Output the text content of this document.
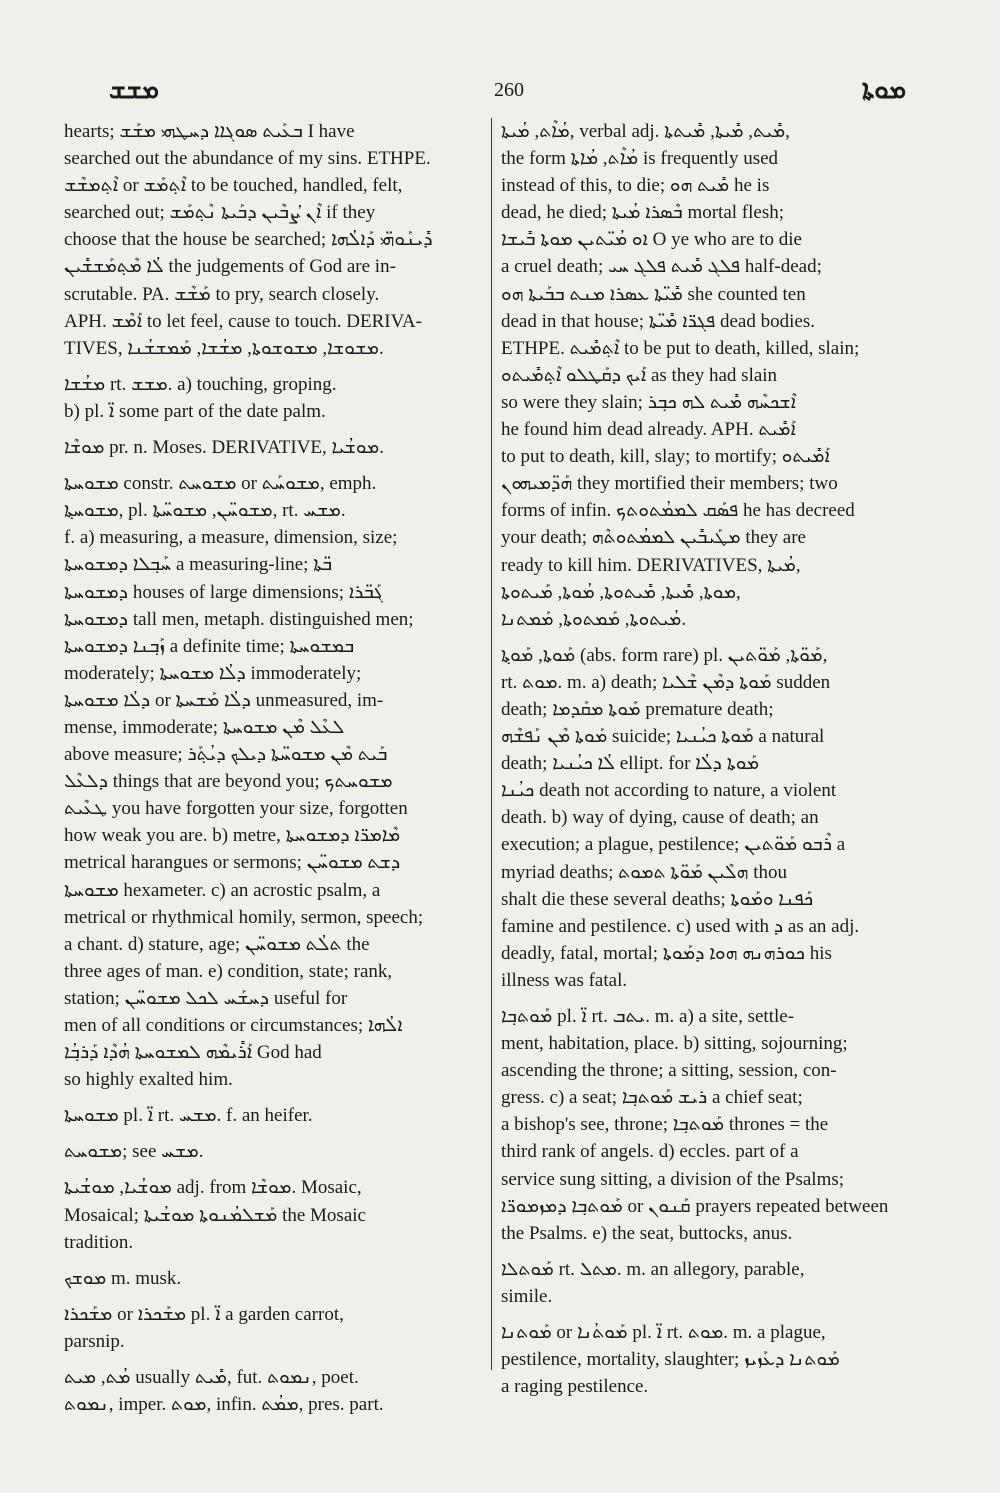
ܡܫܫ	260	ܡܘܬܐ
hearts; ܒܥܰܝܬ ܣܘܓܐܐ ܕܚܛܗܝ ܡܫܰܫ I have
searched out the abundance of my sins. ETHPE.
ܐܶܬ݂ܡܫܶܫ or ܐܶܬ݂ܡܰܫ to be touched, handled, felt,
searched out; ܐܶܢ ܨܳܒܶܝܢ ܕܒܰܝܬܐ ܢܶܬ݂ܡܰܫ if they
choose that the house be searched; ܕܺܝܢܰܘܗ̈ܝ ܕܰܐܠܳܗܐ
ܠܳܐ ܡܶܬ݂ܡܰܫܫܺܝܢ the judgements of God are in-
scrutable. PA. ܡܰܫܶܫ to pry, search closely.
APH. ܐܰܡܶܫ to let feel, cause to touch. DERIVA-
TIVES, ܡܫܘܫܐ, ܡܫܘܫܘܬܐ, ܡܫܳܫܐ, ܡܰܡܫܫܳܢܐ.
ܡܫܳܫܐ rt. ܡܫܫ. a) touching, groping.
b) pl. ܐ̈ some part of the date palm.
ܡܘܫܶܐ pr. n. Moses. DERIVATIVE, ܡܘܫܳܝܐ.
ܡܫܘܚܬܐ constr. ܡܫܘܚܬ or ܡܫܘܚܰܬ, emph.
ܡܫܘܚܬ݂ܐ, pl. ܡܫܘܚ̈ܢ, ܡܫܘܚ̈ܬܐ, rt. ܡܫܚ.
f. a) measuring, a measure, dimension, size;
ܚܰܒ݂ܠܐ ܕܡܫܘܚܬܐ a measuring-line; ܒ̈ܬܐ
ܕܡܫܘܚܬܐ houses of large dimensions; ܓܰܒ̈ܪܐ
ܕܡܫܘܚܬܐ tall men, metaph. distinguished men;
ܙܰܒ݂ܢܐ ܕܡܫܘܚܬܐ a definite time; ܒܡܫܘܚܬܐ
moderately; ܕܠܳܐ ܡܫܘܚܬܐ immoderately;
ܕܠܳܐ ܡܫܘܚܬܐ or ܕܠܳܐ ܡܰܫܚܬܐ unmeasured, im-
mense, immoderate; ܠܥܶܠ ܡܶܢ ܡܫܘܚܬܐ
above measure; ܒܰܝܬ ܡܶܢ ܡܫܘܚ̈ܬܐ ܕܝܠܟ ܕܝܳܬ݂ܰܪ
ܕܠܥܶܠ things that are beyond you; ܡܫܘܚܬܟ
ܛܥܶܝܬ you have forgotten your size, forgotten
how weak you are. b) metre, ܡܶܐܡܪ̈ܐ ܕܡܫܘܚܬܐ
metrical harangues or sermons; ܕܫܬ ܡܫܘܚ̈ܢ
ܡܫܘܚܬܐ hexameter. c) an acrostic psalm, a
metrical or rhythmical homily, sermon, speech;
a chant. d) stature, age; ܬܠܳܬ ܡܫܘܚ̈ܢ the
three ages of man. e) condition, state; rank,
station; ܕܚܫܰܚ ܠܟܠ ܡܫܘܚ̈ܢ useful for
men of all conditions or circumstances; ܐܠܳܗܐ
ܐܰܪܺܝܡܶܗ ܠܡܫܘܚܬܐ ܗܳܕܶܐ ܕܰܪܒ݂ܳܐ God had
so highly exalted him.
ܡܫܘܚܬܐ pl. ܐ̈ rt. ܡܫܚ. f. an heifer.
ܡܫܘܚܬ; see ܡܫܚ.
ܡܘܫܳܝܐ, ܡܘܫܳܝܬܐ adj. from ܡܘܫܶܐ. Mosaic,
Mosaical; ܡܰܫܠܡܳܢܘܬܐ ܡܘܫܳܝܬܐ the Mosaic
tradition.
ܡܘܫܟ m. musk.
ܡܫܰܟܪܐ or ܡܫܰܟܪܐ pl. ܐ̈ a garden carrot,
parsnip.
ܡܳܬ, ܡܝܬ usually ܡܺܝܬ, fut. ܢܡܘܬ, poet.
ܢܡܘܬ, imper. ܡܘܬ, infin. ܡܡܳܬ, pres. part.
ܡܳܐܶܬ, ܡܳܝܬܐ, verbal adj. ܡܺܝܬ, ܡܺܝܬܐ, ܡܺܝܬܬܐ,
the form ܡܳܐܶܬ, ܡܳܐܬܐ is frequently used
instead of this, to die; ܡܺܝܬ ܗܘ he is
dead, he died; ܒܶܣܪܐ ܡܳܝܬܐ mortal flesh;
ܐܘ ܡܳܝ̈ܬܝܢ ܡܘܬܐ ܒܺܝܫܐ O ye who are to die
a cruel death; ܦܠܓ ܡܺܝܬ ܦܠܓ ܚܝ half-dead;
ܡܺܝ̈ܬܐ ܥܣܪܐ ܡܢܬ ܒܒܰܝܬܐ ܗܘ she counted ten
dead in that house; ܦܓܪ̈ܐ ܡܺܝ̈ܬܐ dead bodies.
ETHPE. ܐܶܬ݂ܡܺܝܬ to be put to death, killed, slain;
ܐܰܝܟ ܕܩܰܛܠܘ ܐܶܬ݂ܡܺܝܬܘ as they had slain
so were they slain; ܐܶܫܟܚܶܗ ܡܺܝܬ ܠܗ ܟܒ݂ܪ
he found him dead already. APH. ܐܰܡܺܝܬ
to put to death, kill, slay; to mortify; ܐܰܡܺܝܬܘ
ܗܰܕ̈ܡܝܗܘܢ they mortified their members; two
forms of infin. ܦܣܰܩ ܠܡܡܳܬܘܬܟ he has decreed
your death; ܡܛܰܝܒܺܝܢ ܠܡܡܳܬܘܬܶܗ they are
ready to kill him. DERIVATIVES, ܡܳܝܬܐ,
ܡܘܬܐ, ܡܺܝܬܐ, ܡܺܝܬܘܬܐ, ܡܳܘܬܐ, ܡܰܝܬܘܬܐ,
ܡܳܝܬܘܬܐ, ܡܰܡܬܘܬܐ, ܡܰܡܬܢܐ.
ܡܰܘܬܐ, ܡܰܘܬ݂ܐ (abs. form rare) pl. ܡܰܘ̈ܬܐ, ܡܰܘ̈ܬܝܢ,
rt. ܡܘܬ. m. a) death; ܡܰܘܬܐ ܕܡܶܢ ܫܶܠܝܐ sudden
death; ܡܰܘܬܐ ܡܩܰܕܡܐ premature death;
ܡܰܘܬܐ ܡܶܢ ܢܰܦܫܶܗ suicide; ܡܰܘܬܐ ܟܝܳܢܝܐ a natural
death; ܠܳܐ ܟܝܳܢܝܐ ellipt. for ܡܰܘܬܐ ܕܠܳܐ
ܟܝܳܢܐ death not according to nature, a violent
death. b) way of dying, cause of death; an
execution; a plague, pestilence; ܪܶܒܘ ܡܰܘ̈ܬܝܢ a
myriad deaths; ܗܠܶܝܢ ܡܰܘ̈ܬܐ ܬܡܘܬ thou
shalt die these several deaths; ܟܰܦܢܐ ܘܡܰܘܬܐ
famine and pestilence. c) used with ܕ as an adj.
deadly, fatal, mortal; ܟܘܪܗܢܗ ܗܘܐ ܕܡܰܘܬܐ his
illness was fatal.
ܡܰܘܬܒ݂ܐ pl. ܐ̈ rt. ܝܬܒ. m. a) a site, settle-
ment, habitation, place. b) sitting, sojourning;
ascending the throne; a sitting, session, con-
gress. c) a seat; ܪܝܫ ܡܰܘܬܒ݂ܐ a chief seat;
a bishop's see, throne; ܡܰܘܬܒ݂ܐ thrones = the
third rank of angels. d) eccles. part of a
service sung sitting, a division of the Psalms;
ܡܰܘܬܒ݂ܐ ܕܡܙܡܘܪ̈ܐ or ܩܰܢܘܢ prayers repeated between
the Psalms. e) the seat, buttocks, anus.
ܡܰܘܬܠܐ rt. ܡܬܠ. m. an allegory, parable,
simile.
ܡܰܘܬܢܐ or ܡܰܘܬܳܢܐ pl. ܐ̈ rt. ܡܘܬ. m. a plague,
pestilence, mortality, slaughter; ܡܰܘܬܢܐ ܕܥܰܙܝܙ
a raging pestilence.
